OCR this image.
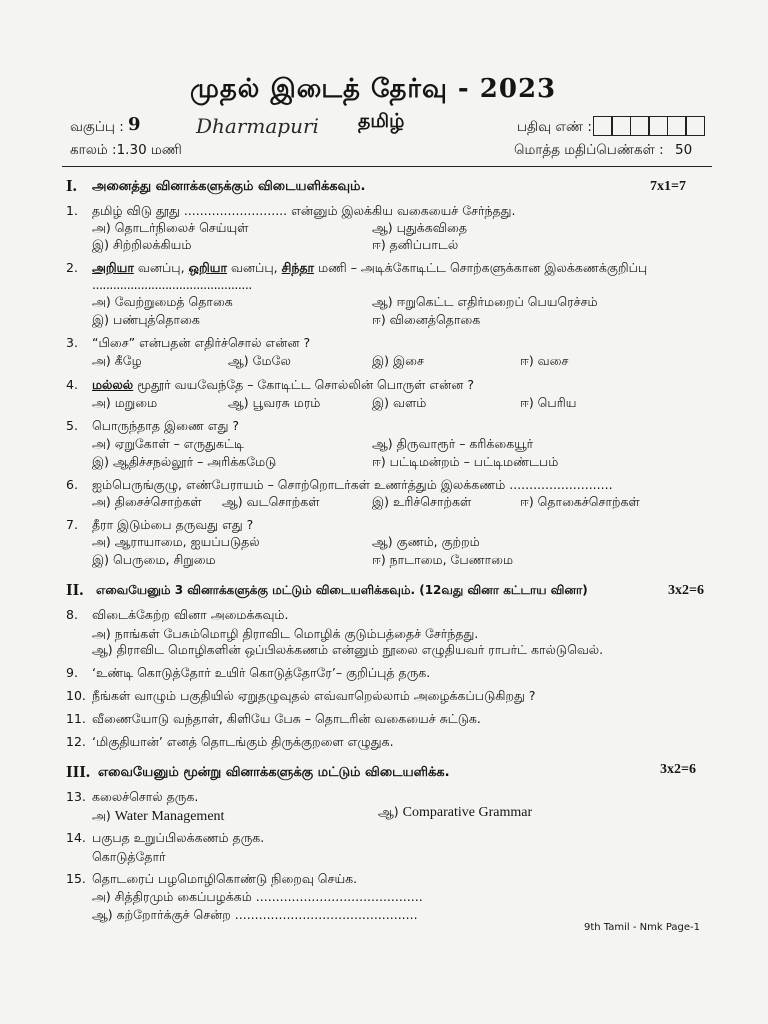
முதல் இடைத் தேர்வு - 2023
வகுப்பு : 9	Dharmapuri தமிழ்	பதிவு எண் :
காலம் :1.30 மணி	மொத்த மதிப்பெண்கள் : 50
I. அனைத்து வினாக்களுக்கும் விடையளிக்கவும்.	7x1=7
1. தமிழ் விடு தூது .......................... என்னும் இலக்கிய வகையைச் சேர்ந்தது.
அ) தொடர்நிலைச் செய்யுள்	ஆ) புதுக்கவிதை
இ) சிற்றிலக்கியம்	ஈ) தனிப்பாடல்
2. அறியா வனப்பு, ஒறியா வனப்பு, சிந்தா மணி – அடிக்கோடிட்ட சொற்களுக்கான இலக்கணக்குறிப்பு
..............................................
அ) வேற்றுமைத் தொகை	ஆ) ஈறுகெட்ட எதிர்மறைப் பெயரெச்சம்
இ) பண்புத்தொகை	ஈ) வினைத்தொகை
3. “பிசை” என்பதன் எதிர்ச்சொல் என்ன ?
அ) கீழே	ஆ) மேலே	இ) இசை	ஈ) வசை
4. மல்லல் மூதூர் வயவேந்தே – கோடிட்ட சொல்லின் பொருள் என்ன ?
அ) மறுமை	ஆ) பூவரசு மரம்	இ) வளம்	ஈ) பெரிய
5. பொருந்தாத இணை எது ?
அ) ஏறுகோள் – எருதுகட்டி	ஆ) திருவாரூர் – கரிக்கையூர்
இ) ஆதிச்சநல்லூர் – அரிக்கமேடு	ஈ) பட்டிமன்றம் – பட்டிமண்டபம்
6. ஐம்பெருங்குழு, எண்பேராயம் – சொற்றொடர்கள் உணர்த்தும் இலக்கணம் ..........................
அ) திசைச்சொற்கள் ஆ) வடசொற்கள்	இ) உரிச்சொற்கள்	ஈ) தொகைச்சொற்கள்
7. தீரா இடும்பை தருவது எது ?
அ) ஆராயாமை, ஐயப்படுதல்	ஆ) குணம், குற்றம்
இ) பெருமை, சிறுமை	ஈ) நாடாமை, பேணாமை
II. எவையேனும் 3 வினாக்களுக்கு மட்டும் விடையளிக்கவும். (12வது வினா கட்டாய வினா)	3x2=6
8. விடைக்கேற்ற வினா அமைக்கவும்.
அ) நாங்கள் பேசும்மொழி திராவிட மொழிக் குடும்பத்தைச் சேர்ந்தது.
ஆ) திராவிட மொழிகளின் ஒப்பிலக்கணம் என்னும் நூலை எழுதியவர் ராபர்ட் கால்டுவெல்.
9. ‘உண்டி கொடுத்தோர் உயிர் கொடுத்தோரே’– குறிப்புத் தருக.
10. நீங்கள் வாழும் பகுதியில் ஏறுதழுவுதல் எவ்வாறெல்லாம் அழைக்கப்படுகிறது ?
11. வீணையோடு வந்தாள், கிளியே பேசு – தொடரின் வகையைச் சுட்டுக.
12. ‘மிகுதியான்’ எனத் தொடங்கும் திருக்குறளை எழுதுக.
III. எவையேனும் மூன்று வினாக்களுக்கு மட்டும் விடையளிக்க.	3x2=6
13. கலைச்சொல் தருக.
அ) Water Management	ஆ) Comparative Grammar
14. பகுபத உறுப்பிலக்கணம் தருக.
கொடுத்தோர்
15. தொடரைப் பழமொழிகொண்டு நிறைவு செய்க.
அ) சித்திரமும் கைப்பழக்கம் ..........................................
ஆ) கற்றோர்க்குச் சென்ற ..............................................
9th Tamil - Nmk Page-1
